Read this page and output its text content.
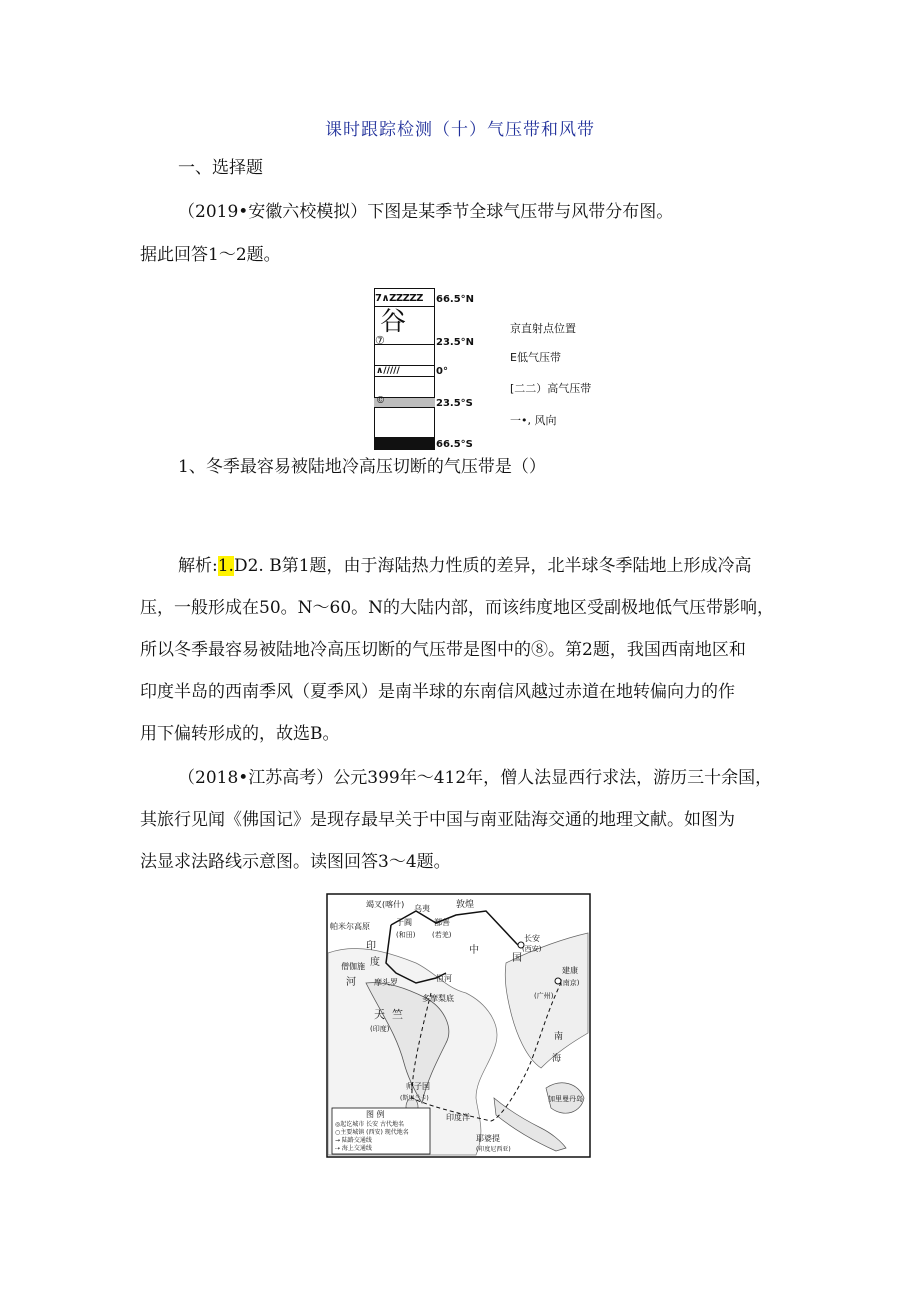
课时跟踪检测（十）气压带和风带
一、选择题
（2019•安徽六校模拟）下图是某季节全球气压带与风带分布图。
据此回答1～2题。
7∧ZZZZZ
⾕
⑦
∧/////
©
66.5°N
23.5°N
0°
23.5°S
66.5°S
京直射点位置
E低气压带
[二二）高气压带
一•, 风向
1、冬季最容易被陆地冷高压切断的气压带是（）
解析:1.D2. B第1题，由于海陆热力性质的差异，北半球冬季陆地上形成冷高
压，一般形成在50。N～60。N的大陆内部，而该纬度地区受副极地低气压带影响，
所以冬季最容易被陆地冷高压切断的气压带是图中的⑧。第2题，我国西南地区和
印度半岛的西南季风（夏季风）是南半球的东南信风越过赤道在地转偏向力的作
用下偏转形成的，故选B。
（2018•江苏高考）公元399年～412年，僧人法显西行求法，游历三十余国，
其旅行见闻《佛国记》是现存最早关于中国与南亚陆海交通的地理文献。如图为
法显求法路线示意图。读图回答3～4题。
竭叉(喀什)
帕米尔高原
乌夷
于阗
(和田)
鄯善
(若羌)
敦煌
印
度
河 摩头罗
僧伽施
天 竺
(印度)
多摩梨底
恒河
中
国
长安
(西安)
建康
(南京)
(广州)
南
海
师子国
(斯里兰卡)
印度洋
耶婆提
(印度尼西亚)
加里曼丹岛
图 例
◎起讫城市 长安 古代地名
○主要城镇 (西安) 现代地名
→ 陆路交通线
⇢ 海上交通线
